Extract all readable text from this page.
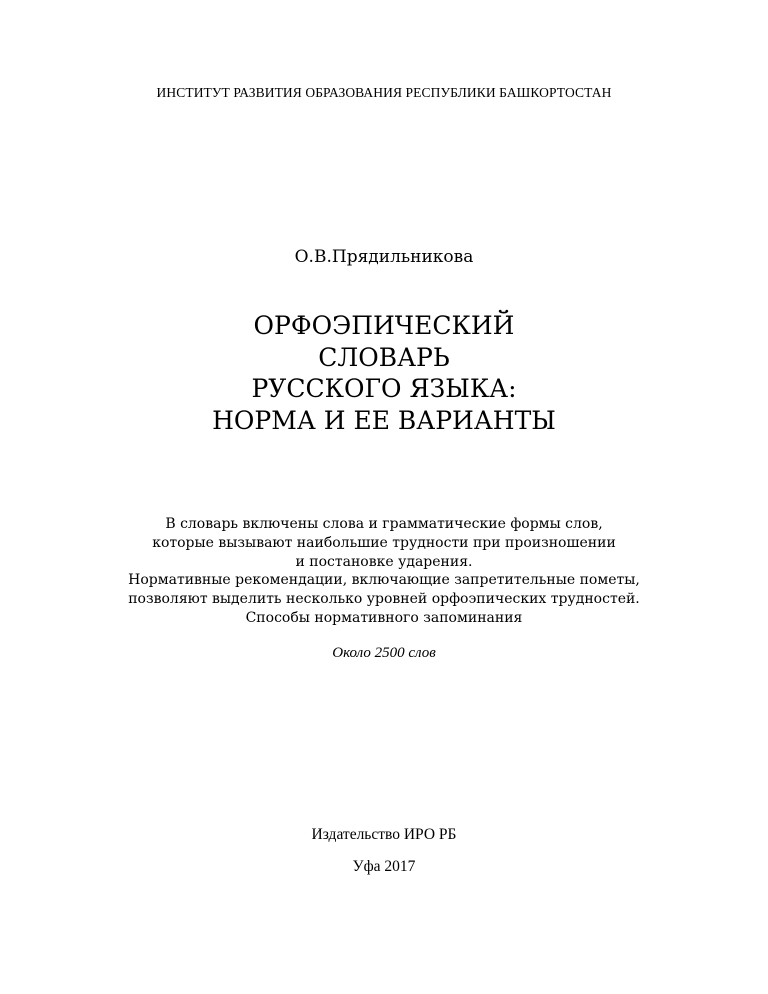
ИНСТИТУТ РАЗВИТИЯ ОБРАЗОВАНИЯ РЕСПУБЛИКИ БАШКОРТОСТАН
О.В.Прядильникова
ОРФОЭПИЧЕСКИЙ
СЛОВАРЬ
РУССКОГО ЯЗЫКА:
НОРМА И ЕЕ ВАРИАНТЫ
В словарь включены слова и грамматические формы слов,
которые вызывают наибольшие трудности при произношении
и постановке ударения.
Нормативные рекомендации, включающие запретительные пометы,
позволяют выделить несколько уровней орфоэпических трудностей.
Способы нормативного запоминания
Около 2500 слов
Издательство ИРО РБ
Уфа 2017
